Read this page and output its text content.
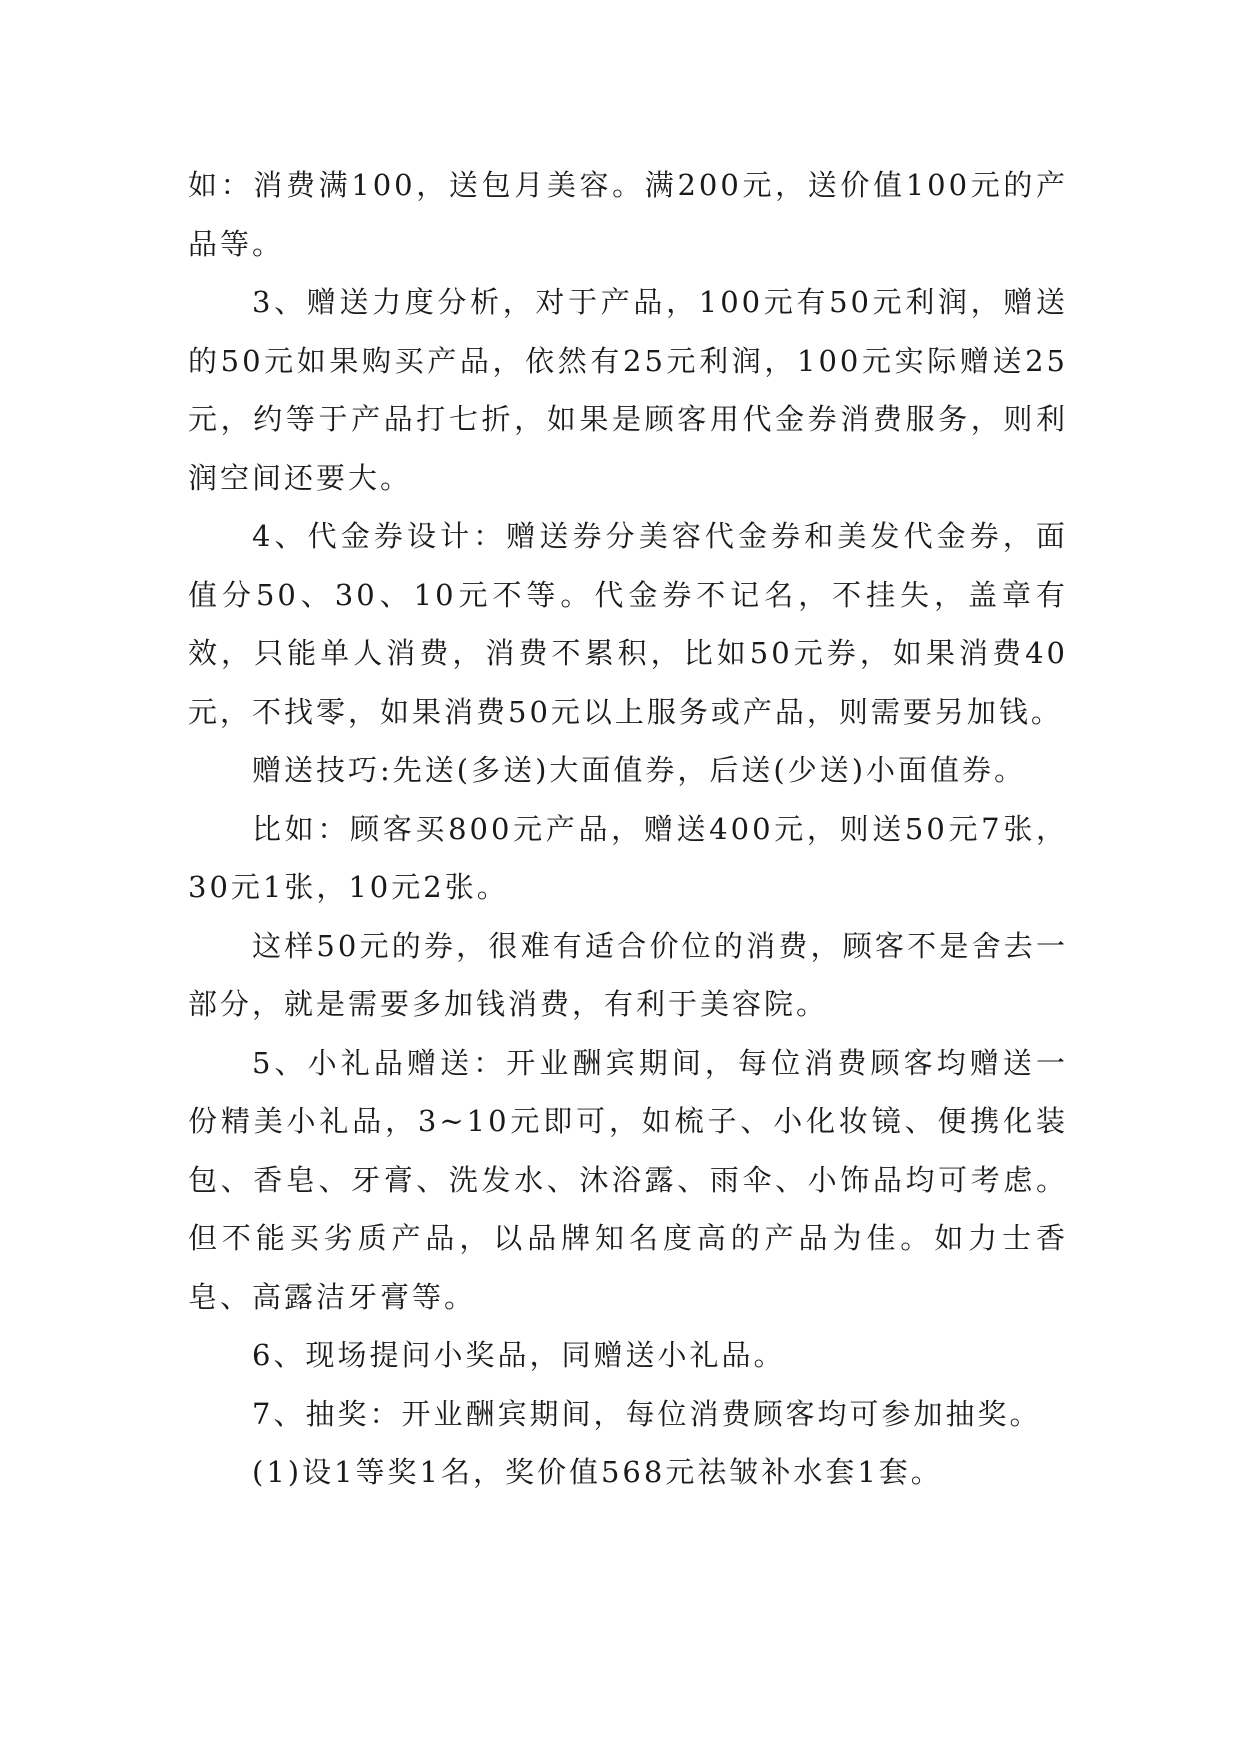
如：消费满100，送包月美容。满200元，送价值100元的产品等。

3、赠送力度分析，对于产品，100元有50元利润，赠送的50元如果购买产品，依然有25元利润，100元实际赠送25元，约等于产品打七折，如果是顾客用代金券消费服务，则利润空间还要大。

4、代金券设计：赠送券分美容代金券和美发代金券，面值分50、30、10元不等。代金券不记名，不挂失，盖章有效，只能单人消费，消费不累积，比如50元券，如果消费40元，不找零，如果消费50元以上服务或产品，则需要另加钱。

赠送技巧:先送(多送)大面值券，后送(少送)小面值券。

比如：顾客买800元产品，赠送400元，则送50元7张，30元1张，10元2张。

这样50元的券，很难有适合价位的消费，顾客不是舍去一部分，就是需要多加钱消费，有利于美容院。

5、小礼品赠送：开业酬宾期间，每位消费顾客均赠送一份精美小礼品，3~10元即可，如梳子、小化妆镜、便携化装包、香皂、牙膏、洗发水、沐浴露、雨伞、小饰品均可考虑。但不能买劣质产品，以品牌知名度高的产品为佳。如力士香皂、高露洁牙膏等。

6、现场提问小奖品，同赠送小礼品。

7、抽奖：开业酬宾期间，每位消费顾客均可参加抽奖。

(1)设1等奖1名，奖价值568元祛皱补水套1套。
